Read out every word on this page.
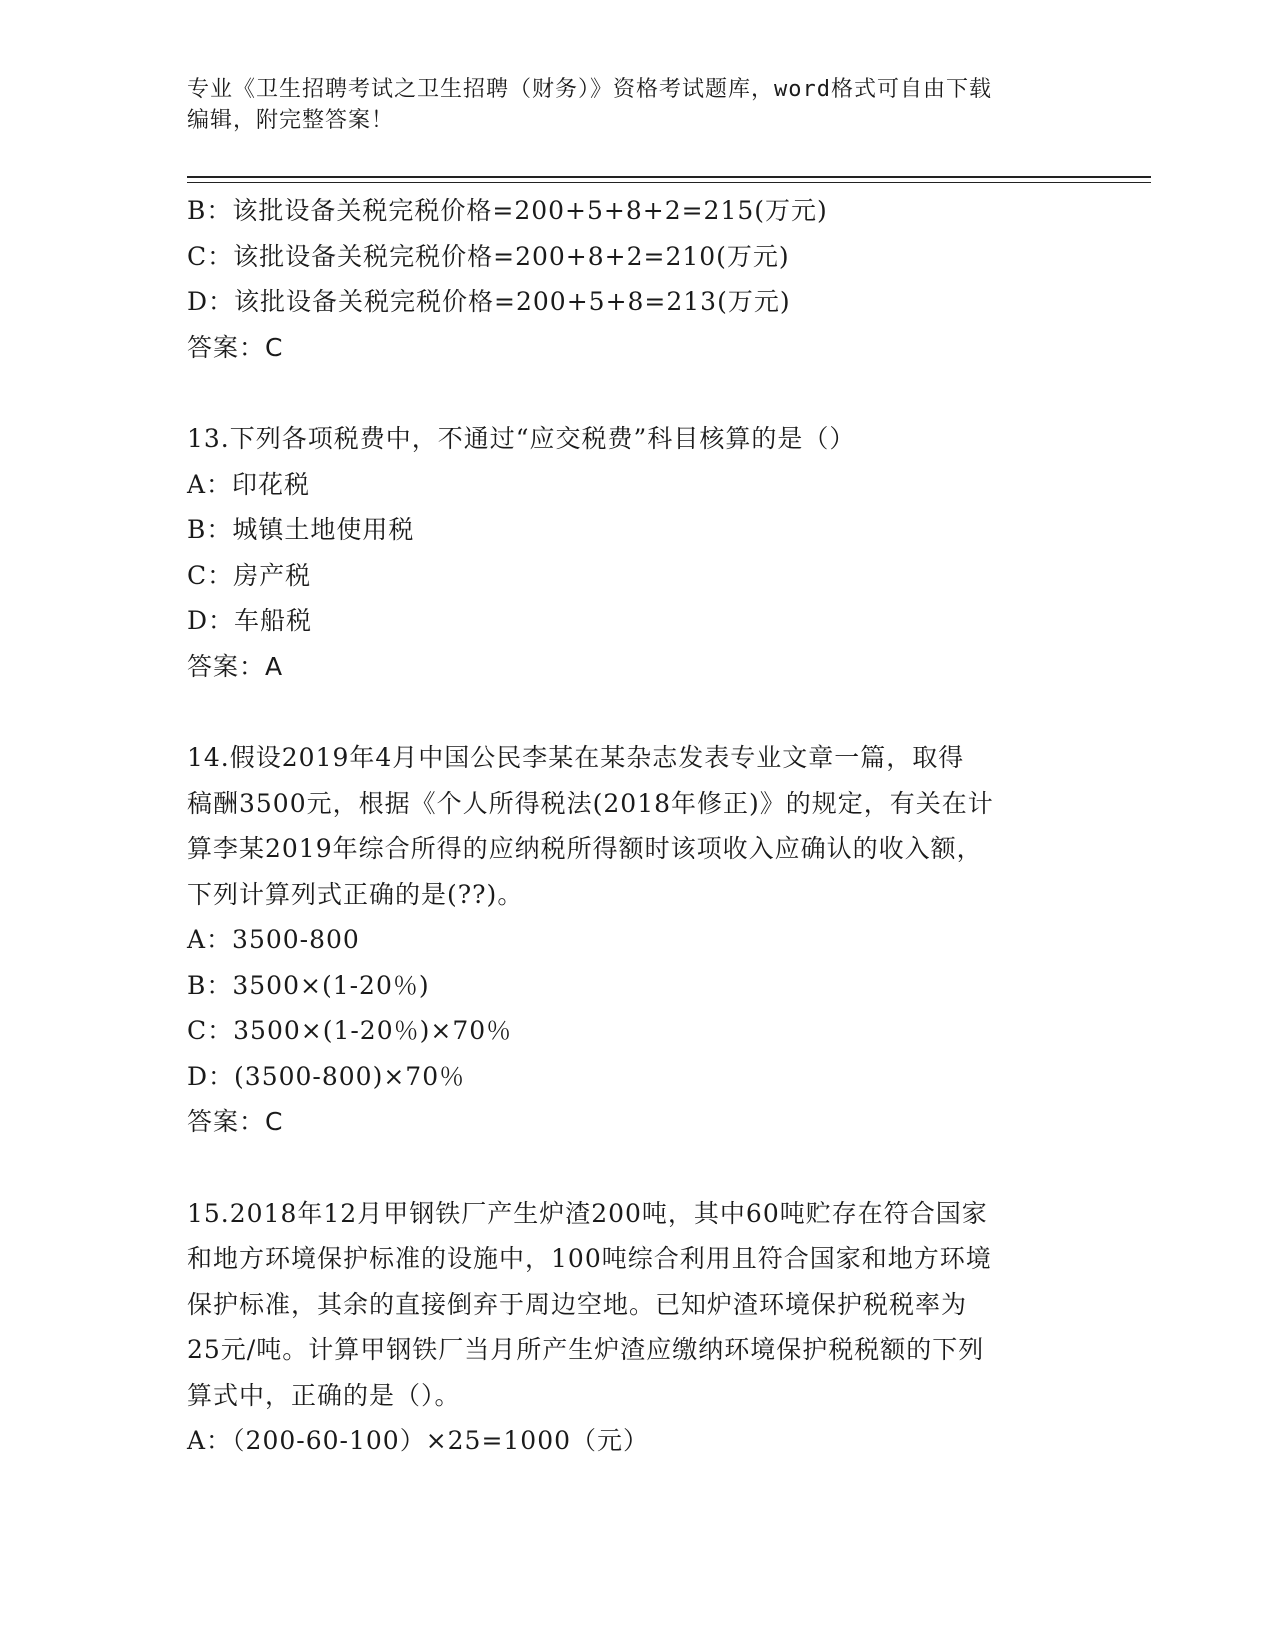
专业《卫生招聘考试之卫生招聘（财务）》资格考试题库，word格式可自由下载
编辑，附完整答案！
B：该批设备关税完税价格=200+5+8+2=215(万元)
C：该批设备关税完税价格=200+8+2=210(万元)
D：该批设备关税完税价格=200+5+8=213(万元)
答案：C
13.下列各项税费中，不通过“应交税费”科目核算的是（）
A：印花税
B：城镇土地使用税
C：房产税
D：车船税
答案：A
14.假设2019年4月中国公民李某在某杂志发表专业文章一篇，取得
稿酬3500元，根据《个人所得税法(2018年修正)》的规定，有关在计
算李某2019年综合所得的应纳税所得额时该项收入应确认的收入额，
下列计算列式正确的是(??)。
A：3500-800
B：3500×(1-20％)
C：3500×(1-20％)×70％
D：(3500-800)×70％
答案：C
15.2018年12月甲钢铁厂产生炉渣200吨，其中60吨贮存在符合国家
和地方环境保护标准的设施中，100吨综合利用且符合国家和地方环境
保护标准，其余的直接倒弃于周边空地。已知炉渣环境保护税税率为
25元/吨。计算甲钢铁厂当月所产生炉渣应缴纳环境保护税税额的下列
算式中，正确的是（）。
A：（200-60-100）×25=1000（元）
